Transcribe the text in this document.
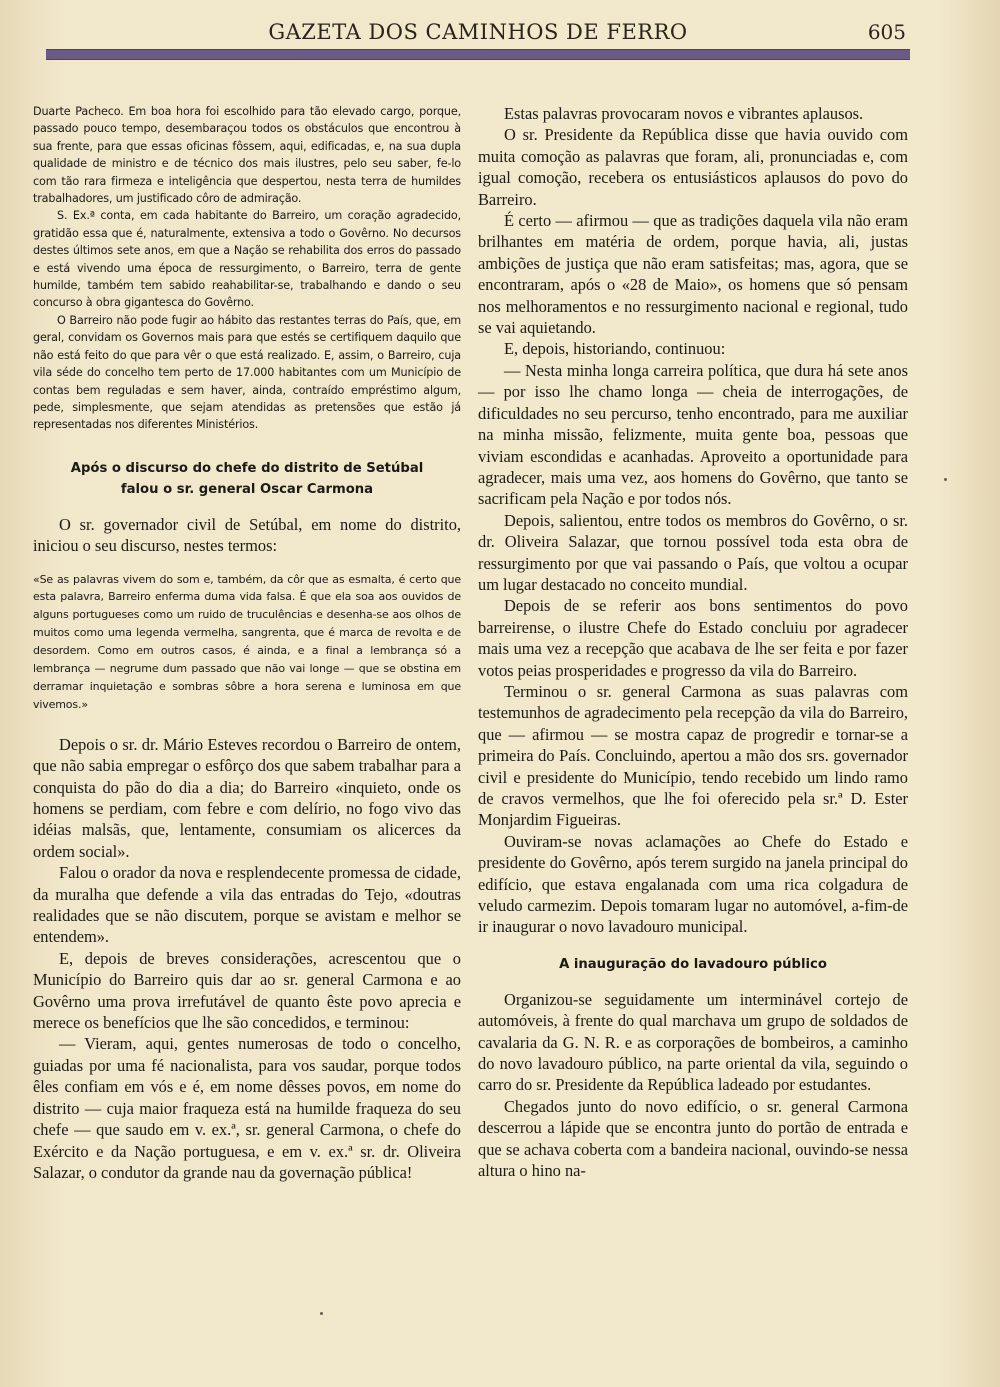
GAZETA DOS CAMINHOS DE FERRO	605

Duarte Pacheco. Em boa hora foi escolhido para tão elevado cargo, porque, passado pouco tempo, desembaraçou todos os obstáculos que encontrou à sua frente, para que essas oficinas fôssem, aqui, edificadas, e, na sua dupla qualidade de ministro e de técnico dos mais ilustres, pelo seu saber, fe-lo com tão rara firmeza e inteligência que despertou, nesta terra de humildes trabalhadores, um justificado côro de admiração.

S. Ex.ª conta, em cada habitante do Barreiro, um coração agradecido, gratidão essa que é, naturalmente, extensiva a todo o Govêrno. No decursos destes últimos sete anos, em que a Nação se rehabilita dos erros do passado e está vivendo uma época de ressurgimento, o Barreiro, terra de gente humilde, também tem sabido reahabilitar-se, trabalhando e dando o seu concurso à obra gigantesca do Govêrno.

O Barreiro não pode fugir ao hábito das restantes terras do País, que, em geral, convidam os Governos mais para que estés se certifiquem daquilo que não está feito do que para vêr o que está realizado. E, assim, o Barreiro, cuja vila séde do concelho tem perto de 17.000 habitantes com um Município de contas bem reguladas e sem haver, ainda, contraído empréstimo algum, pede, simplesmente, que sejam atendidas as pretensões que estão já representadas nos diferentes Ministérios.

Após o discurso do chefe do distrito de Setúbal
falou o sr. general Oscar Carmona

O sr. governador civil de Setúbal, em nome do distrito, iniciou o seu discurso, nestes termos:

«Se as palavras vivem do som e, também, da côr que as esmalta, é certo que esta palavra, Barreiro enferma duma vida falsa. É que ela soa aos ouvidos de alguns portugueses como um ruido de truculências e desenha-se aos olhos de muitos como uma legenda vermelha, sangrenta, que é marca de revolta e de desordem. Como em outros casos, é ainda, e a final a lembrança só a lembrança — negrume dum passado que não vai longe — que se obstina em derramar inquietação e sombras sôbre a hora serena e luminosa em que vivemos.»

Depois o sr. dr. Mário Esteves recordou o Barreiro de ontem, que não sabia empregar o esfôrço dos que sabem trabalhar para a conquista do pão do dia a dia; do Barreiro «inquieto, onde os homens se perdiam, com febre e com delírio, no fogo vivo das idéias malsãs, que, lentamente, consumiam os alicerces da ordem social».

Falou o orador da nova e resplendecente promessa de cidade, da muralha que defende a vila das entradas do Tejo, «doutras realidades que se não discutem, porque se avistam e melhor se entendem».

E, depois de breves considerações, acrescentou que o Município do Barreiro quis dar ao sr. general Carmona e ao Govêrno uma prova irrefutável de quanto êste povo aprecia e merece os benefícios que lhe são concedidos, e terminou:

— Vieram, aqui, gentes numerosas de todo o concelho, guiadas por uma fé nacionalista, para vos saudar, porque todos êles confiam em vós e é, em nome dêsses povos, em nome do distrito — cuja maior fraqueza está na humilde fraqueza do seu chefe — que saudo em v. ex.ª, sr. general Carmona, o chefe do Exército e da Nação portuguesa, e em v. ex.ª sr. dr. Oliveira Salazar, o condutor da grande nau da governação pública!

Estas palavras provocaram novos e vibrantes aplausos.

O sr. Presidente da República disse que havia ouvido com muita comoção as palavras que foram, ali, pronunciadas e, com igual comoção, recebera os entusiásticos aplausos do povo do Barreiro.

É certo — afirmou — que as tradições daquela vila não eram brilhantes em matéria de ordem, porque havia, ali, justas ambições de justiça que não eram satisfeitas; mas, agora, que se encontraram, após o «28 de Maio», os homens que só pensam nos melhoramentos e no ressurgimento nacional e regional, tudo se vai aquietando.

E, depois, historiando, continuou:

— Nesta minha longa carreira política, que dura há sete anos — por isso lhe chamo longa — cheia de interrogações, de dificuldades no seu percurso, tenho encontrado, para me auxiliar na minha missão, felizmente, muita gente boa, pessoas que viviam escondidas e acanhadas. Aproveito a oportunidade para agradecer, mais uma vez, aos homens do Govêrno, que tanto se sacrificam pela Nação e por todos nós.

Depois, salientou, entre todos os membros do Govêrno, o sr. dr. Oliveira Salazar, que tornou possível toda esta obra de ressurgimento por que vai passando o País, que voltou a ocupar um lugar destacado no conceito mundial.

Depois de se referir aos bons sentimentos do povo barreirense, o ilustre Chefe do Estado concluiu por agradecer mais uma vez a recepção que acabava de lhe ser feita e por fazer votos peias prosperidades e progresso da vila do Barreiro.

Terminou o sr. general Carmona as suas palavras com testemunhos de agradecimento pela recepção da vila do Barreiro, que — afirmou — se mostra capaz de progredir e tornar-se a primeira do País. Concluindo, apertou a mão dos srs. governador civil e presidente do Município, tendo recebido um lindo ramo de cravos vermelhos, que lhe foi oferecido pela sr.ª D. Ester Monjardim Figueiras.

Ouviram-se novas aclamações ao Chefe do Estado e presidente do Govêrno, após terem surgido na janela principal do edifício, que estava engalanada com uma rica colgadura de veludo carmezim. Depois tomaram lugar no automóvel, a-fim-de ir inaugurar o novo lavadouro municipal.

A inauguração do lavadouro público

Organizou-se seguidamente um interminável cortejo de automóveis, à frente do qual marchava um grupo de soldados de cavalaria da G. N. R. e as corporações de bombeiros, a caminho do novo lavadouro público, na parte oriental da vila, seguindo o carro do sr. Presidente da República ladeado por estudantes.

Chegados junto do novo edifício, o sr. general Carmona descerrou a lápide que se encontra junto do portão de entrada e que se achava coberta com a bandeira nacional, ouvindo-se nessa altura o hino na-
